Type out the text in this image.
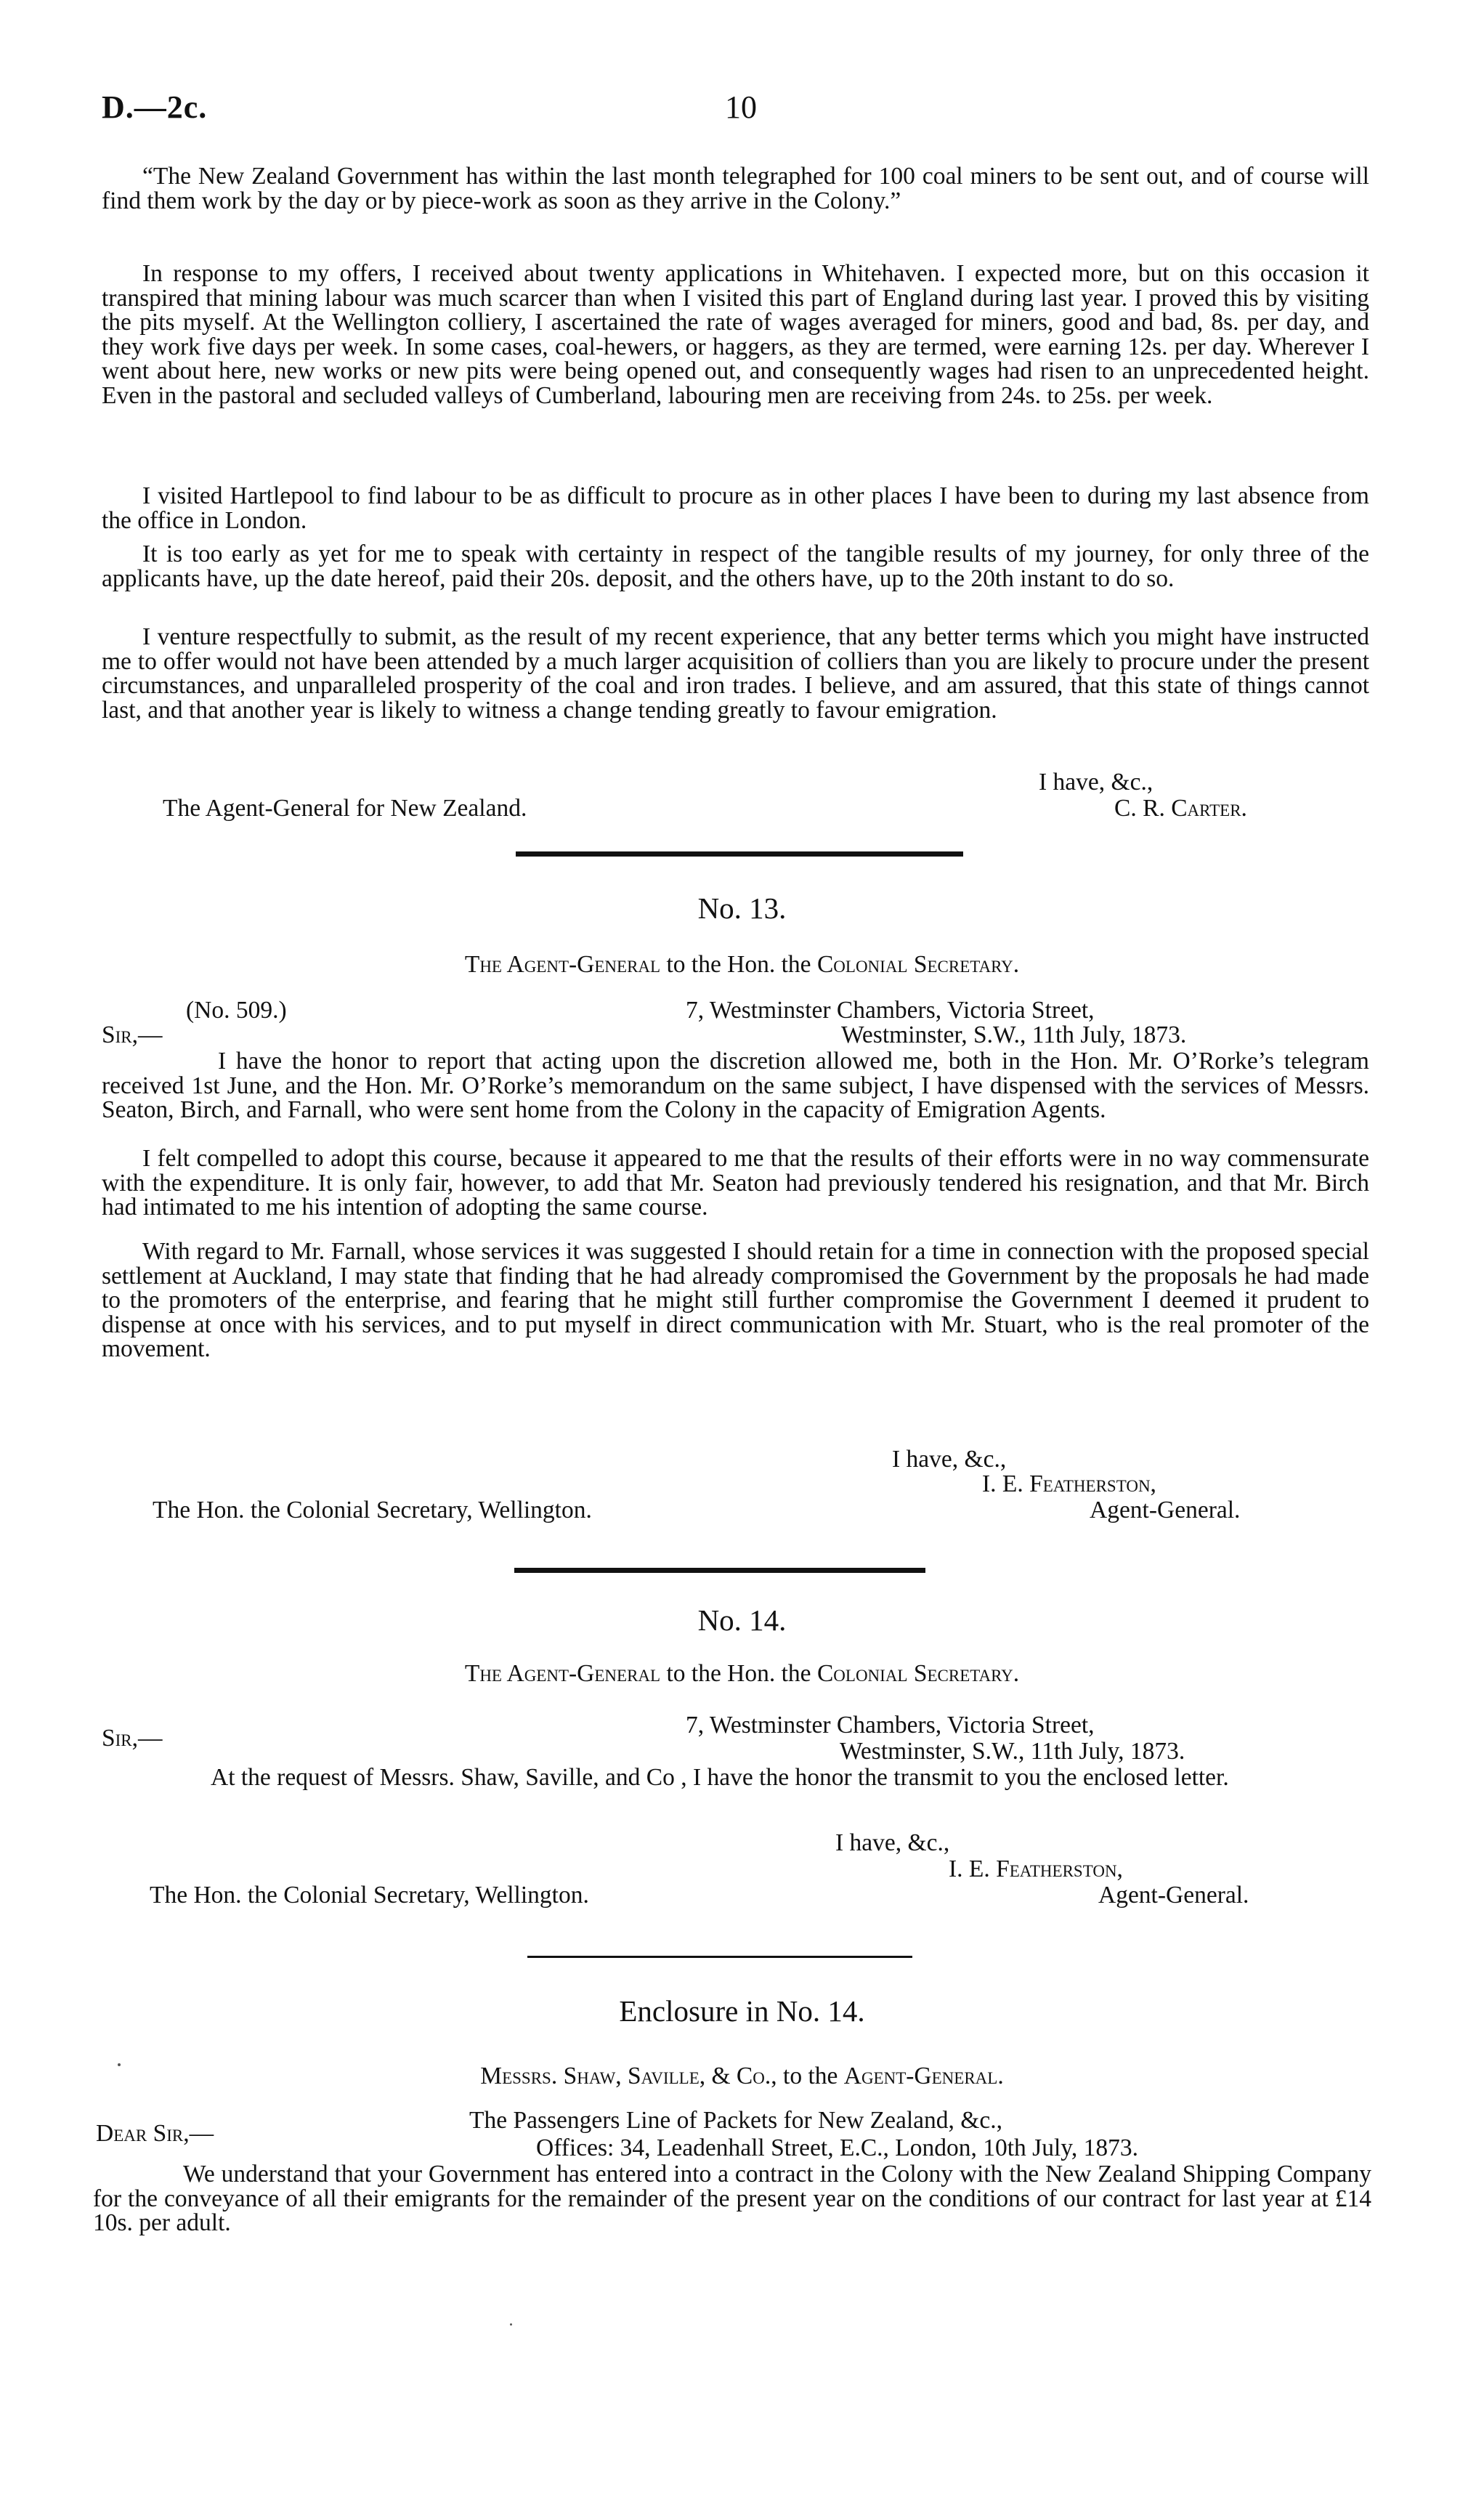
D.—2c.	10

“The New Zealand Government has within the last month telegraphed for 100 coal miners to be sent out, and of course will find them work by the day or by piece-work as soon as they arrive in the Colony.”

In response to my offers, I received about twenty applications in Whitehaven. I expected more, but on this occasion it transpired that mining labour was much scarcer than when I visited this part of England during last year. I proved this by visiting the pits myself. At the Wellington colliery, I ascertained the rate of wages averaged for miners, good and bad, 8s. per day, and they work five days per week. In some cases, coal-hewers, or haggers, as they are termed, were earning 12s. per day. Wherever I went about here, new works or new pits were being opened out, and consequently wages had risen to an unprecedented height. Even in the pastoral and secluded valleys of Cumberland, labouring men are receiving from 24s. to 25s. per week.

I visited Hartlepool to find labour to be as difficult to procure as in other places I have been to during my last absence from the office in London.

It is too early as yet for me to speak with certainty in respect of the tangible results of my journey, for only three of the applicants have, up the date hereof, paid their 20s. deposit, and the others have, up to the 20th instant to do so.

I venture respectfully to submit, as the result of my recent experience, that any better terms which you might have instructed me to offer would not have been attended by a much larger acquisition of colliers than you are likely to procure under the present circumstances, and unparalleled prosperity of the coal and iron trades. I believe, and am assured, that this state of things cannot last, and that another year is likely to witness a change tending greatly to favour emigration.

I have, &c.,
The Agent-General for New Zealand.	C. R. Carter.
No. 13.
The Agent-General to the Hon. the Colonial Secretary.
(No. 509.)	7, Westminster Chambers, Victoria Street,
Sir,—	Westminster, S.W., 11th July, 1873.

I have the honor to report that acting upon the discretion allowed me, both in the Hon. Mr. O’Rorke’s telegram received 1st June, and the Hon. Mr. O’Rorke’s memorandum on the same subject, I have dispensed with the services of Messrs. Seaton, Birch, and Farnall, who were sent home from the Colony in the capacity of Emigration Agents.

I felt compelled to adopt this course, because it appeared to me that the results of their efforts were in no way commensurate with the expenditure. It is only fair, however, to add that Mr. Seaton had previously tendered his resignation, and that Mr. Birch had intimated to me his intention of adopting the same course.

With regard to Mr. Farnall, whose services it was suggested I should retain for a time in connection with the proposed special settlement at Auckland, I may state that finding that he had already compromised the Government by the proposals he had made to the promoters of the enterprise, and fearing that he might still further compromise the Government I deemed it prudent to dispense at once with his services, and to put myself in direct communication with Mr. Stuart, who is the real promoter of the movement.

I have, &c.,
I. E. Featherston,
The Hon. the Colonial Secretary, Wellington.	Agent-General.
No. 14.
The Agent-General to the Hon. the Colonial Secretary.
7, Westminster Chambers, Victoria Street,
Sir,—	Westminster, S.W., 11th July, 1873.

At the request of Messrs. Shaw, Saville, and Co , I have the honor the transmit to you the enclosed letter.

I have, &c.,
I. E. Featherston,
The Hon. the Colonial Secretary, Wellington.	Agent-General.
Enclosure in No. 14.
Messrs. Shaw, Saville, & Co., to the Agent-General.
The Passengers Line of Packets for New Zealand, &c.,
Dear Sir,—
Offices: 34, Leadenhall Street, E.C., London, 10th July, 1873.

We understand that your Government has entered into a contract in the Colony with the New Zealand Shipping Company for the conveyance of all their emigrants for the remainder of the present year on the conditions of our contract for last year at £14 10s. per adult.
